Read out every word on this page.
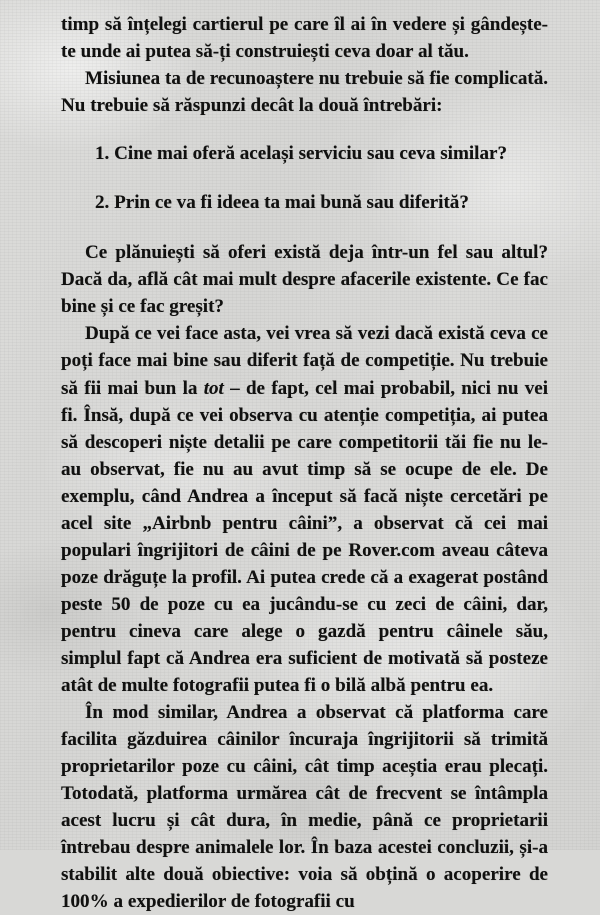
timp să înțelegi cartierul pe care îl ai în vedere și gândește-te unde ai putea să-ți construiești ceva doar al tău.

Misiunea ta de recunoaștere nu trebuie să fie complicată. Nu trebuie să răspunzi decât la două întrebări:

1. Cine mai oferă același serviciu sau ceva similar?

2. Prin ce va fi ideea ta mai bună sau diferită?

Ce plănuiești să oferi există deja într-un fel sau altul? Dacă da, află cât mai mult despre afacerile existente. Ce fac bine și ce fac greșit?

După ce vei face asta, vei vrea să vezi dacă există ceva ce poți face mai bine sau diferit față de competiție. Nu trebuie să fii mai bun la tot – de fapt, cel mai probabil, nici nu vei fi. Însă, după ce vei observa cu atenție competiția, ai putea să descoperi niște detalii pe care competitorii tăi fie nu le-au observat, fie nu au avut timp să se ocupe de ele. De exemplu, când Andrea a început să facă niște cercetări pe acel site „Airbnb pentru câini”, a observat că cei mai populari îngrijitori de câini de pe Rover.com aveau câteva poze drăguțe la profil. Ai putea crede că a exagerat postând peste 50 de poze cu ea jucându-se cu zeci de câini, dar, pentru cineva care alege o gazdă pentru câinele său, simplul fapt că Andrea era suficient de motivată să posteze atât de multe fotografii putea fi o bilă albă pentru ea.

În mod similar, Andrea a observat că platforma care facilita găzduirea câinilor încuraja îngrijitorii să trimită proprietarilor poze cu câini, cât timp aceștia erau plecați. Totodată, platforma urmărea cât de frecvent se întâmpla acest lucru și cât dura, în medie, până ce proprietarii întrebau despre animalele lor. În baza acestei concluzii, și-a stabilit alte două obiective: voia să obțină o acoperire de 100% a expedierilor de fotografii cu
